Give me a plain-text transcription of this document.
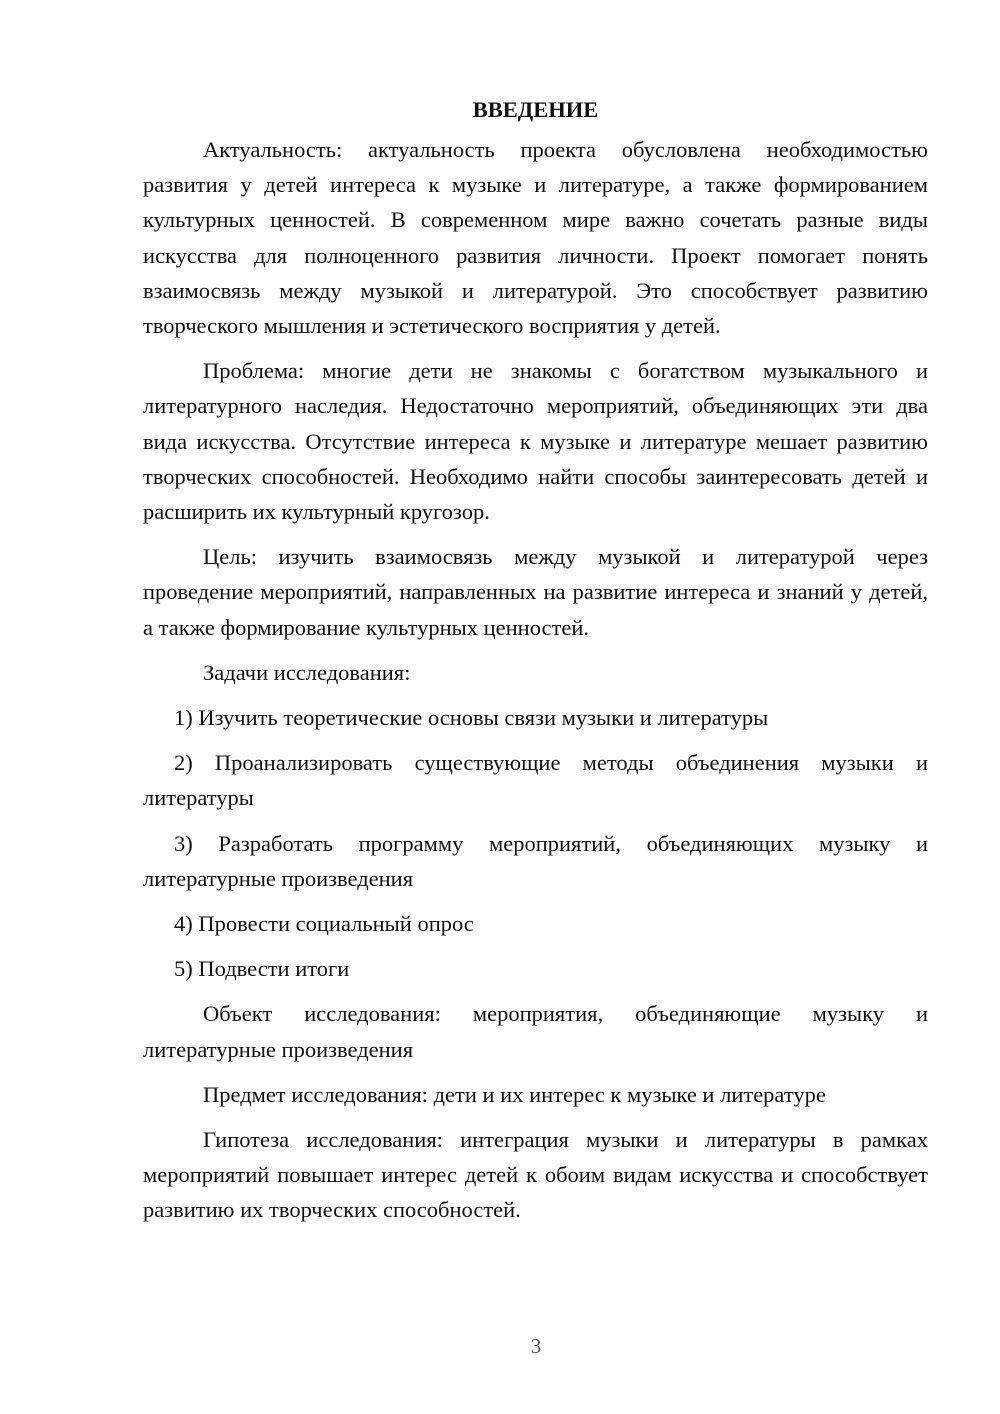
ВВЕДЕНИЕ

Актуальность: актуальность проекта обусловлена необходимостью развития у детей интереса к музыке и литературе, а также формированием культурных ценностей. В современном мире важно сочетать разные виды искусства для полноценного развития личности. Проект помогает понять взаимосвязь между музыкой и литературой. Это способствует развитию творческого мышления и эстетического восприятия у детей.

Проблема: многие дети не знакомы с богатством музыкального и литературного наследия. Недостаточно мероприятий, объединяющих эти два вида искусства. Отсутствие интереса к музыке и литературе мешает развитию творческих способностей. Необходимо найти способы заинтересовать детей и расширить их культурный кругозор.

Цель: изучить взаимосвязь между музыкой и литературой через проведение мероприятий, направленных на развитие интереса и знаний у детей, а также формирование культурных ценностей.

Задачи исследования:

1) Изучить теоретические основы связи музыки и литературы

2) Проанализировать существующие методы объединения музыки и литературы

3) Разработать программу мероприятий, объединяющих музыку и литературные произведения

4) Провести социальный опрос

5) Подвести итоги

Объект исследования: мероприятия, объединяющие музыку и литературные произведения

Предмет исследования: дети и их интерес к музыке и литературе

Гипотеза исследования: интеграция музыки и литературы в рамках мероприятий повышает интерес детей к обоим видам искусства и способствует развитию их творческих способностей.

3
